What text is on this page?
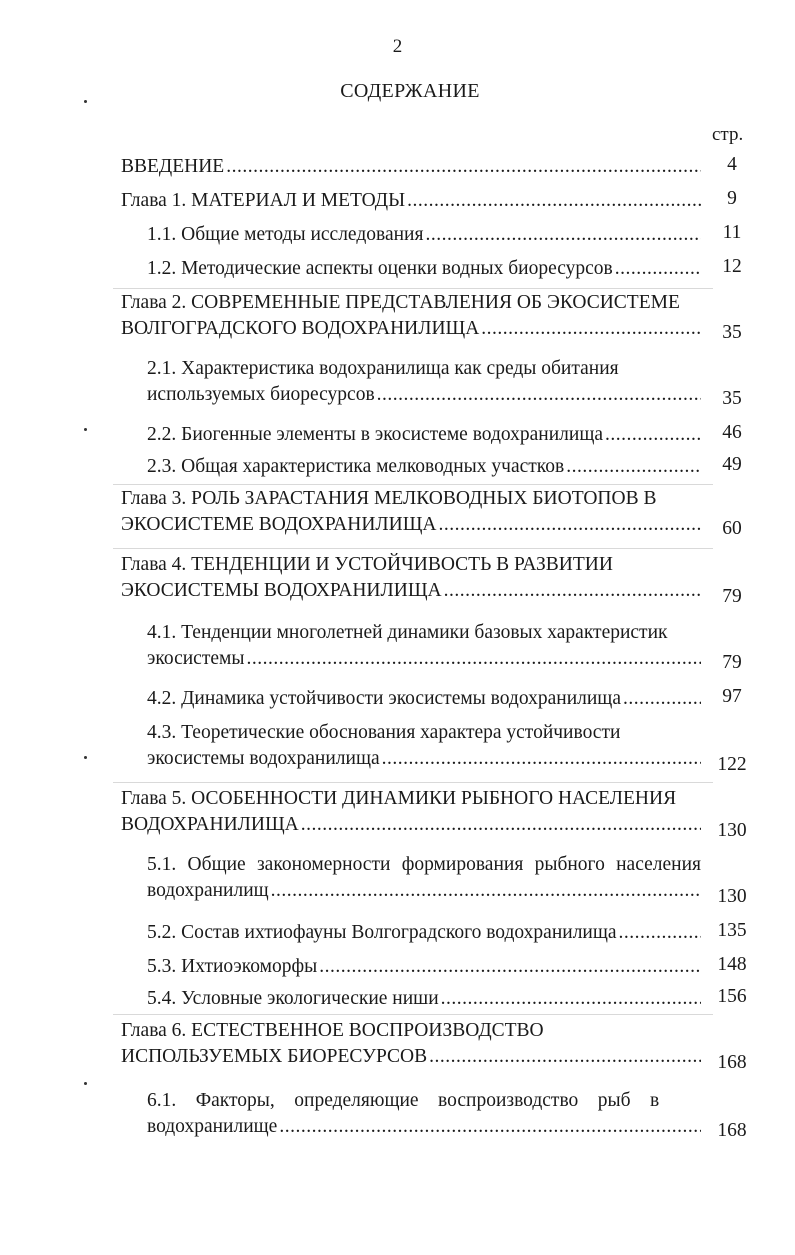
2
СОДЕРЖАНИЕ
стр.
ВВЕДЕНИЕ .....	4
Глава 1. МАТЕРИАЛ И МЕТОДЫ .....	9
1.1. Общие методы исследования .....	11
1.2. Методические аспекты оценки водных биоресурсов .....	12
Глава 2. СОВРЕМЕННЫЕ ПРЕДСТАВЛЕНИЯ ОБ ЭКОСИСТЕМЕ
ВОЛГОГРАДСКОГО ВОДОХРАНИЛИЩА .....	35
2.1. Характеристика водохранилища как среды обитания
используемых биоресурсов .....	35
2.2. Биогенные элементы в экосистеме водохранилища .....	46
2.3. Общая характеристика мелководных участков .....	49
Глава 3. РОЛЬ ЗАРАСТАНИЯ МЕЛКОВОДНЫХ БИОТОПОВ В
ЭКОСИСТЕМЕ ВОДОХРАНИЛИЩА .....	60
Глава 4. ТЕНДЕНЦИИ И УСТОЙЧИВОСТЬ В РАЗВИТИИ
ЭКОСИСТЕМЫ ВОДОХРАНИЛИЩА .....	79
4.1. Тенденции многолетней динамики базовых характеристик
экосистемы .....	79
4.2. Динамика устойчивости экосистемы водохранилища .....	97
4.3. Теоретические обоснования характера устойчивости
экосистемы водохранилища .....	122
Глава 5. ОСОБЕННОСТИ ДИНАМИКИ РЫБНОГО НАСЕЛЕНИЯ
ВОДОХРАНИЛИЩА .....	130
5.1. Общие закономерности формирования рыбного населения
водохранилищ .....	130
5.2. Состав ихтиофауны Волгоградского водохранилища .....	135
5.3. Ихтиоэкоморфы .....	148
5.4. Условные экологические ниши .....	156
Глава 6. ЕСТЕСТВЕННОЕ ВОСПРОИЗВОДСТВО
ИСПОЛЬЗУЕМЫХ БИОРЕСУРСОВ .....	168
6.1.    Факторы,    определяющие    воспроизводство    рыб    в
водохранилище .....	168
